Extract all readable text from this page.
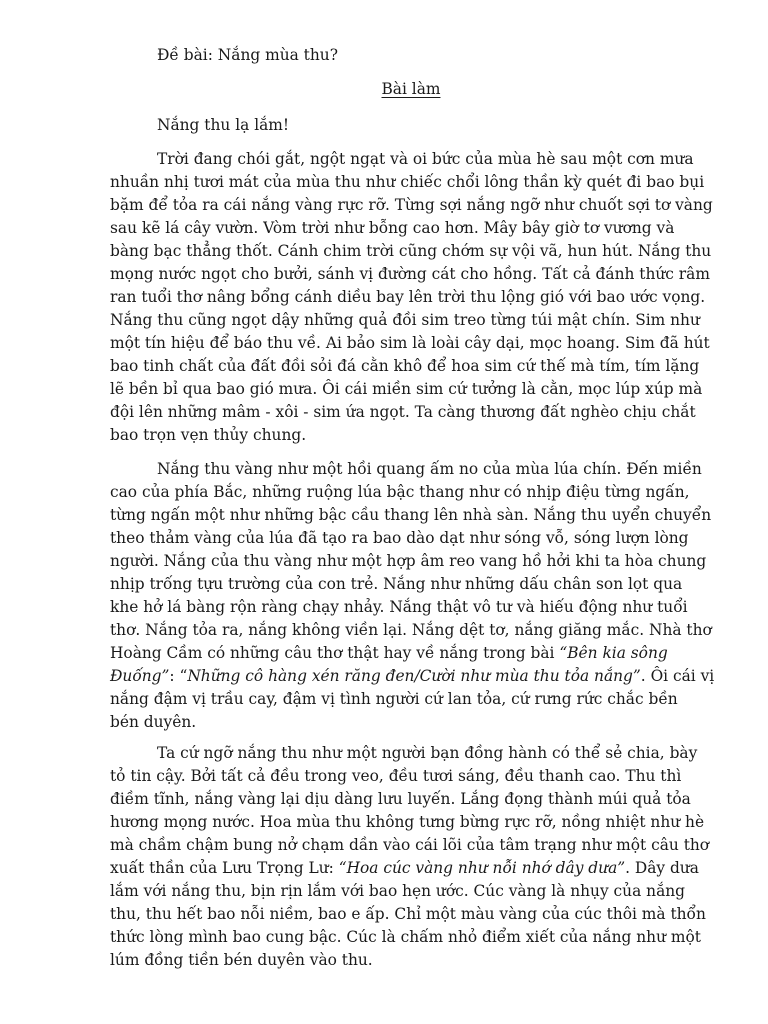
Đề bài: Nắng mùa thu?

Bài làm

Nắng thu lạ lắm!

Trời đang chói gắt, ngột ngạt và oi bức của mùa hè sau một cơn mưa
nhuần nhị tươi mát của mùa thu như chiếc chổi lông thần kỳ quét đi bao bụi
bặm để tỏa ra cái nắng vàng rực rỡ. Từng sợi nắng ngỡ như chuốt sợi tơ vàng
sau kẽ lá cây vườn. Vòm trời như bỗng cao hơn. Mây bây giờ tơ vương và
bàng bạc thẳng thốt. Cánh chim trời cũng chớm sự vội vã, hun hút. Nắng thu
mọng nước ngọt cho bưởi, sánh vị đường cát cho hồng. Tất cả đánh thức râm
ran tuổi thơ nâng bổng cánh diều bay lên trời thu lộng gió với bao ước vọng.
Nắng thu cũng ngọt dậy những quả đồi sim treo từng túi mật chín. Sim như
một tín hiệu để báo thu về. Ai bảo sim là loài cây dại, mọc hoang. Sim đã hút
bao tinh chất của đất đồi sỏi đá cằn khô để hoa sim cứ thế mà tím, tím lặng
lẽ bền bỉ qua bao gió mưa. Ôi cái miền sim cứ tưởng là cằn, mọc lúp xúp mà
đội lên những mâm - xôi - sim ứa ngọt. Ta càng thương đất nghèo chịu chắt
bao trọn vẹn thủy chung.
Nắng thu vàng như một hồi quang ấm no của mùa lúa chín. Đến miền
cao của phía Bắc, những ruộng lúa bậc thang như có nhịp điệu từng ngấn,
từng ngấn một như những bậc cầu thang lên nhà sàn. Nắng thu uyển chuyển
theo thảm vàng của lúa đã tạo ra bao dào dạt như sóng vỗ, sóng lượn lòng
người. Nắng của thu vàng như một hợp âm reo vang hồ hởi khi ta hòa chung
nhịp trống tựu trường của con trẻ. Nắng như những dấu chân son lọt qua
khe hở lá bàng rộn ràng chạy nhảy. Nắng thật vô tư và hiếu động như tuổi
thơ. Nắng tỏa ra, nắng không viền lại. Nắng dệt tơ, nắng giăng mắc. Nhà thơ
Hoàng Cầm có những câu thơ thật hay về nắng trong bài “Bên kia sông
Đuống”: “Những cô hàng xén răng đen/Cười như mùa thu tỏa nắng”. Ôi cái vị
nắng đậm vị trầu cay, đậm vị tình người cứ lan tỏa, cứ rưng rức chắc bền
bén duyên.
Ta cứ ngỡ nắng thu như một người bạn đồng hành có thể sẻ chia, bày
tỏ tin cậy. Bởi tất cả đều trong veo, đều tươi sáng, đều thanh cao. Thu thì
điềm tĩnh, nắng vàng lại dịu dàng lưu luyến. Lắng đọng thành múi quả tỏa
hương mọng nước. Hoa mùa thu không tưng bừng rực rỡ, nồng nhiệt như hè
mà chầm chậm bung nở chạm dần vào cái lõi của tâm trạng như một câu thơ
xuất thần của Lưu Trọng Lư: “Hoa cúc vàng như nỗi nhớ dây dưa”. Dây dưa
lắm với nắng thu, bịn rịn lắm với bao hẹn ước. Cúc vàng là nhụy của nắng
thu, thu hết bao nỗi niềm, bao e ấp. Chỉ một màu vàng của cúc thôi mà thổn
thức lòng mình bao cung bậc. Cúc là chấm nhỏ điểm xiết của nắng như một
lúm đồng tiền bén duyên vào thu.
